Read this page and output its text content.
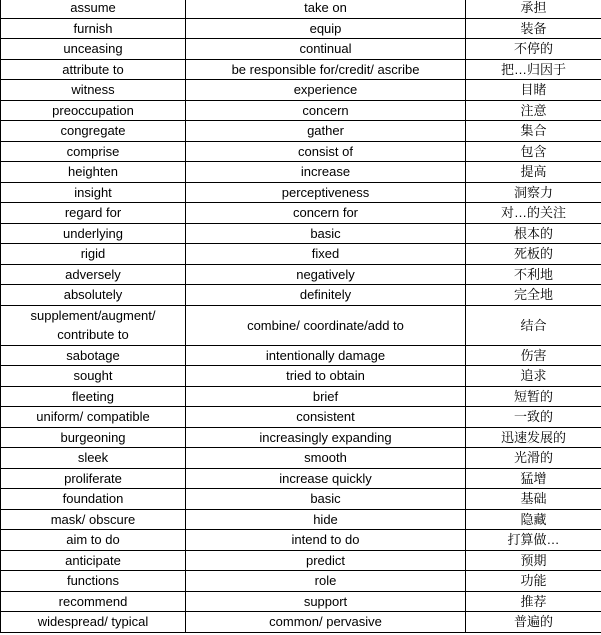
assume	take on	承担
furnish	equip	装备
unceasing	continual	不停的
attribute to	be responsible for/credit/ ascribe	把…归因于
witness	experience	目睹
preoccupation	concern	注意
congregate	gather	集合
comprise	consist of	包含
heighten	increase	提高
insight	perceptiveness	洞察力
regard for	concern for	对…的关注
underlying	basic	根本的
rigid	fixed	死板的
adversely	negatively	不利地
absolutely	definitely	完全地
supplement/augment/ contribute to	combine/ coordinate/add to	结合
sabotage	intentionally damage	伤害
sought	tried to obtain	追求
fleeting	brief	短暂的
uniform/ compatible	consistent	一致的
burgeoning	increasingly expanding	迅速发展的
sleek	smooth	光滑的
proliferate	increase quickly	猛增
foundation	basic	基础
mask/ obscure	hide	隐藏
aim to do	intend to do	打算做…
anticipate	predict	预期
functions	role	功能
recommend	support	推荐
widespread/ typical	common/ pervasive	普遍的
